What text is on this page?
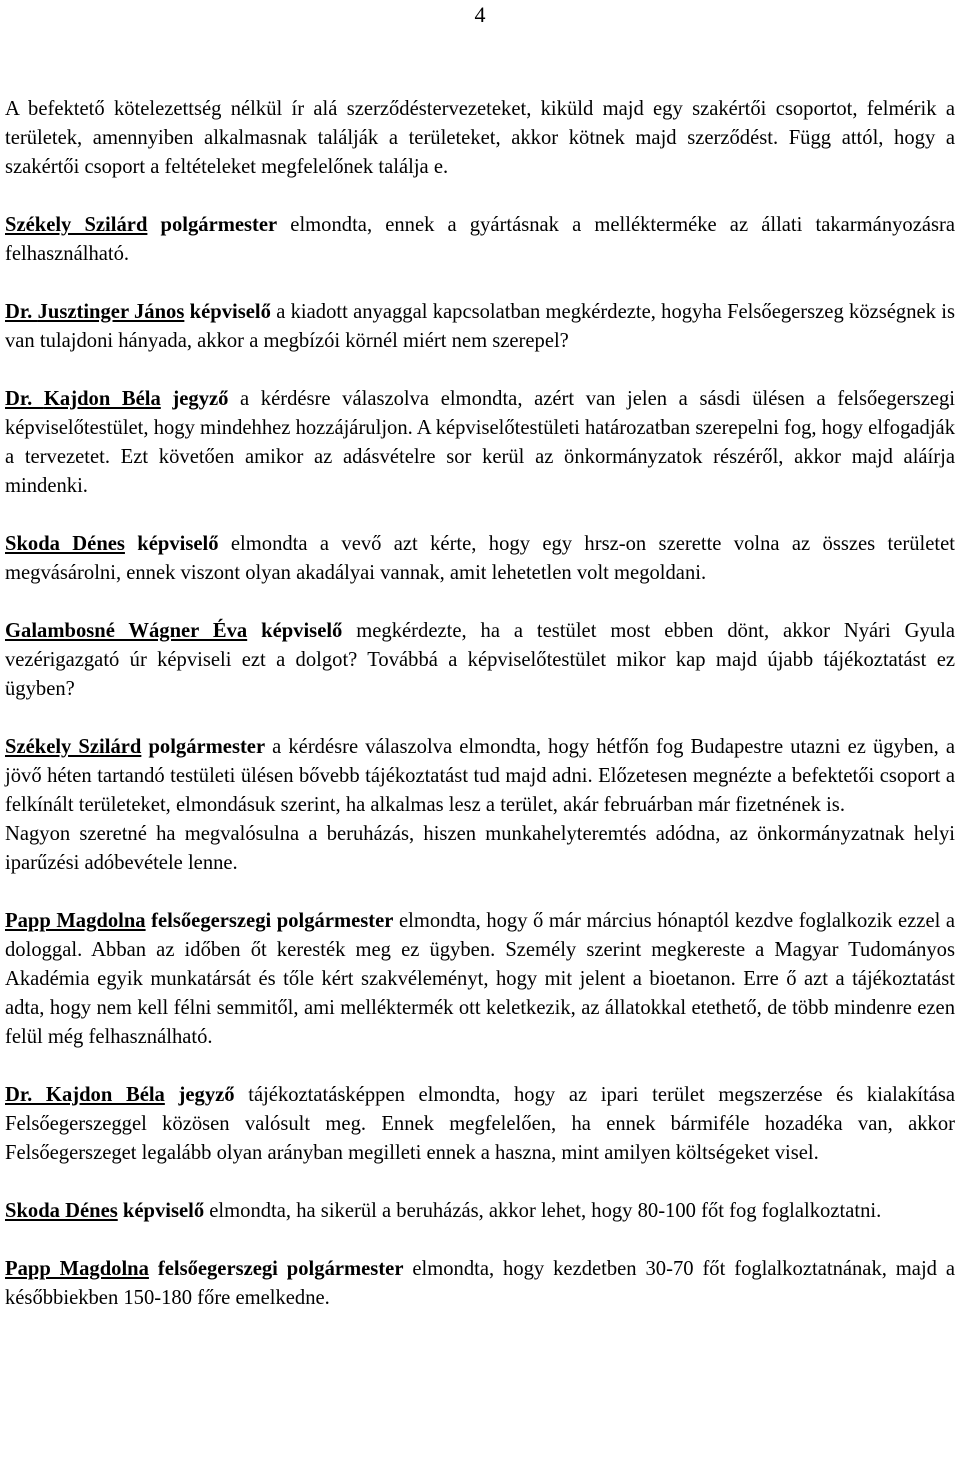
4

A befektető kötelezettség nélkül ír alá szerződéstervezeteket, kiküld majd egy szakértői csoportot, felmérik a területek, amennyiben alkalmasnak találják a területeket, akkor kötnek majd szerződést. Függ attól, hogy a szakértői csoport a feltételeket megfelelőnek találja e.

Székely Szilárd polgármester elmondta, ennek a gyártásnak a mellékterméke az állati takarmányozásra felhasználható.

Dr. Jusztinger János képviselő a kiadott anyaggal kapcsolatban megkérdezte, hogyha Felsőegerszeg községnek is van tulajdoni hányada, akkor a megbízói körnél miért nem szerepel?

Dr. Kajdon Béla jegyző a kérdésre válaszolva elmondta, azért van jelen a sásdi ülésen a felsőegerszegi képviselőtestület, hogy mindehhez hozzájáruljon. A képviselőtestületi határozatban szerepelni fog, hogy elfogadják a tervezetet. Ezt követően amikor az adásvételre sor kerül az önkormányzatok részéről, akkor majd aláírja mindenki.

Skoda Dénes képviselő elmondta a vevő azt kérte, hogy egy hrsz-on szerette volna az összes területet megvásárolni, ennek viszont olyan akadályai vannak, amit lehetetlen volt megoldani.

Galambosné Wágner Éva képviselő megkérdezte, ha a testület most ebben dönt, akkor Nyári Gyula vezérigazgató úr képviseli ezt a dolgot? Továbbá a képviselőtestület mikor kap majd újabb tájékoztatást ez ügyben?

Székely Szilárd polgármester a kérdésre válaszolva elmondta, hogy hétfőn fog Budapestre utazni ez ügyben, a jövő héten tartandó testületi ülésen bővebb tájékoztatást tud majd adni. Előzetesen megnézte a befektetői csoport a felkínált területeket, elmondásuk szerint, ha alkalmas lesz a terület, akár februárban már fizetnének is.

Nagyon szeretné ha megvalósulna a beruházás, hiszen munkahelyteremtés adódna, az önkormányzatnak helyi iparűzési adóbevétele lenne.

Papp Magdolna felsőegerszegi polgármester elmondta, hogy ő már március hónaptól kezdve foglalkozik ezzel a dologgal. Abban az időben őt keresték meg ez ügyben. Személy szerint megkereste a Magyar Tudományos Akadémia egyik munkatársát és tőle kért szakvéleményt, hogy mit jelent a bioetanon. Erre ő azt a tájékoztatást adta, hogy nem kell félni semmitől, ami melléktermék ott keletkezik, az állatokkal etethető, de több mindenre ezen felül még felhasználható.

Dr. Kajdon Béla jegyző tájékoztatásképpen elmondta, hogy az ipari terület megszerzése és kialakítása Felsőegerszeggel közösen valósult meg. Ennek megfelelően, ha ennek bármiféle hozadéka van, akkor Felsőegerszeget legalább olyan arányban megilleti ennek a haszna, mint amilyen költségeket visel.

Skoda Dénes képviselő elmondta, ha sikerül a beruházás, akkor lehet, hogy 80-100 főt fog foglalkoztatni.

Papp Magdolna felsőegerszegi polgármester elmondta, hogy kezdetben 30-70 főt foglalkoztatnának, majd a későbbiekben 150-180 főre emelkedne.
